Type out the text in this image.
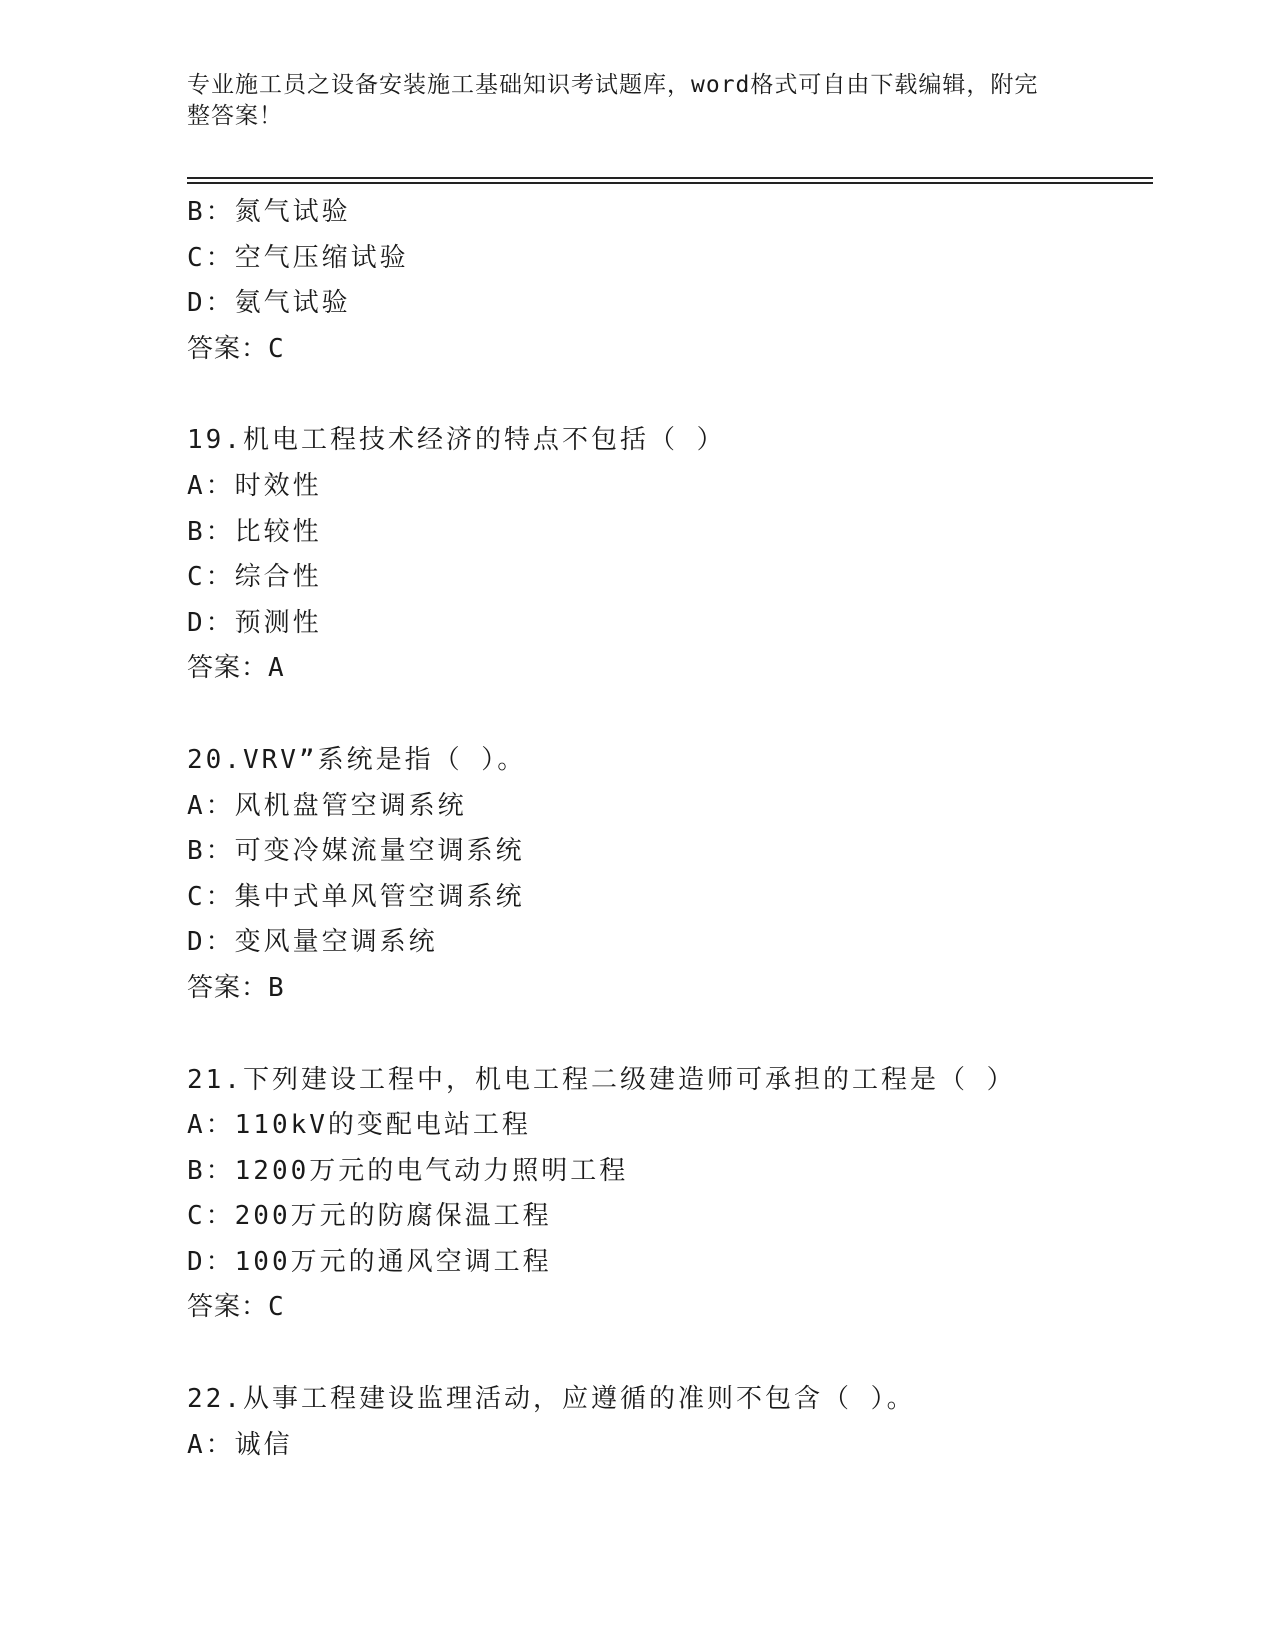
专业施工员之设备安装施工基础知识考试题库，word格式可自由下载编辑，附完
整答案！
B：氮气试验
C：空气压缩试验
D：氨气试验
答案：C
19.机电工程技术经济的特点不包括（ ）
A：时效性
B：比较性
C：综合性
D：预测性
答案：A
20.VRV”系统是指（ ）。
A：风机盘管空调系统
B：可变冷媒流量空调系统
C：集中式单风管空调系统
D：变风量空调系统
答案：B
21.下列建设工程中，机电工程二级建造师可承担的工程是（ ）
A：110kV的变配电站工程
B：1200万元的电气动力照明工程
C：200万元的防腐保温工程
D：100万元的通风空调工程
答案：C
22.从事工程建设监理活动，应遵循的准则不包含（ ）。
A：诚信
